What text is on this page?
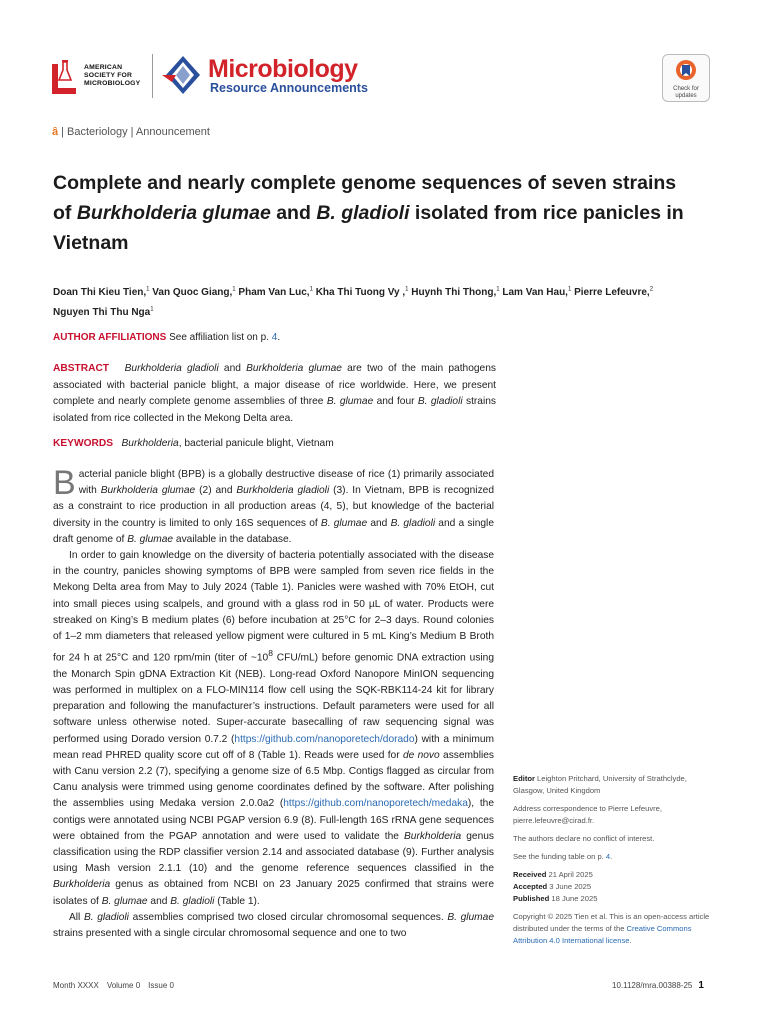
AMERICAN
SOCIETY FOR
MICROBIOLOGY
Microbiology
Resource Announcements	Check for
updates
ȃ | Bacteriology | Announcement
Complete and nearly complete genome sequences of seven strains of Burkholderia glumae and B. gladioli isolated from rice panicles in Vietnam
Doan Thi Kieu Tien,$^1$ Van Quoc Giang,$^1$ Pham Van Luc,$^1$ Kha Thi Tuong Vy ,$^1$ Huynh Thi Thong,$^1$ Lam Van Hau,$^1$ Pierre Lefeuvre,$^2$
Nguyen Thi Thu Nga$^1$
AUTHOR AFFILIATIONS See affiliation list on p. 4.
ABSTRACT Burkholderia gladioli and Burkholderia glumae are two of the main pathogens associated with bacterial panicle blight, a major disease of rice worldwide. Here, we present complete and nearly complete genome assemblies of three B. glumae and four B. gladioli strains isolated from rice collected in the Mekong Delta area.
KEYWORDS Burkholderia, bacterial panicule blight, Vietnam

Bacterial panicle blight (BPB) is a globally destructive disease of rice (1) primarily associated with Burkholderia glumae (2) and Burkholderia gladioli (3). In Vietnam, BPB is recognized as a constraint to rice production in all production areas (4, 5), but knowledge of the bacterial diversity in the country is limited to only 16S sequences of B. glumae and B. gladioli and a single draft genome of B. glumae available in the database.

In order to gain knowledge on the diversity of bacteria potentially associated with the disease in the country, panicles showing symptoms of BPB were sampled from seven rice fields in the Mekong Delta area from May to July 2024 (Table 1). Panicles were washed with 70% EtOH, cut into small pieces using scalpels, and ground with a glass rod in 50 µL of water. Products were streaked on King’s B medium plates (6) before incubation at 25°C for 2–3 days. Round colonies of 1–2 mm diameters that released yellow pigment were cultured in 5 mL King’s Medium B Broth for 24 h at 25°C and 120 rpm/min (titer of $\sim 10^8$ CFU/mL) before genomic DNA extraction using the Monarch Spin gDNA Extraction Kit (NEB). Long-read Oxford Nanopore MinION sequencing was performed in multiplex on a FLO-MIN114 flow cell using the SQK-RBK114-24 kit for library preparation and following the manufacturer’s instructions. Default parameters were used for all software unless otherwise noted. Super-accurate basecalling of raw sequencing signal was performed using Dorado version 0.7.2 (https://github.com/nanoporetech/dorado) with a minimum mean read PHRED quality score cut off of 8 (Table 1). Reads were used for de novo assemblies with Canu version 2.2 (7), specifying a genome size of 6.5 Mbp. Contigs flagged as circular from Canu analysis were trimmed using genome coordinates defined by the software. After polishing the assemblies using Medaka version 2.0.0a2 (https://github.com/nanoporetech/medaka), the contigs were annotated using NCBI PGAP version 6.9 (8). Full-length 16S rRNA gene sequences were obtained from the PGAP annotation and were used to validate the Burkholderia genus classification using the RDP classifier version 2.14 and associated database (9). Further analysis using Mash version 2.1.1 (10) and the genome reference sequences classified in the Burkholderia genus as obtained from NCBI on 23 January 2025 confirmed that strains were isolates of B. glumae and B. gladioli (Table 1).

All B. gladioli assemblies comprised two closed circular chromosomal sequences. B. glumae strains presented with a single circular chromosomal sequence and one to two

Editor Leighton Pritchard, University of Strathclyde, Glasgow, United Kingdom
Address correspondence to Pierre Lefeuvre, pierre.lefeuvre@cirad.fr.
The authors declare no conflict of interest.
See the funding table on p. 4.
Received 21 April 2025
Accepted 3 June 2025
Published 18 June 2025
Copyright © 2025 Tien et al. This is an open-access article distributed under the terms of the Creative Commons Attribution 4.0 International license.
Month XXXX Volume 0 Issue 0	10.1128/mra.00388-25 1
